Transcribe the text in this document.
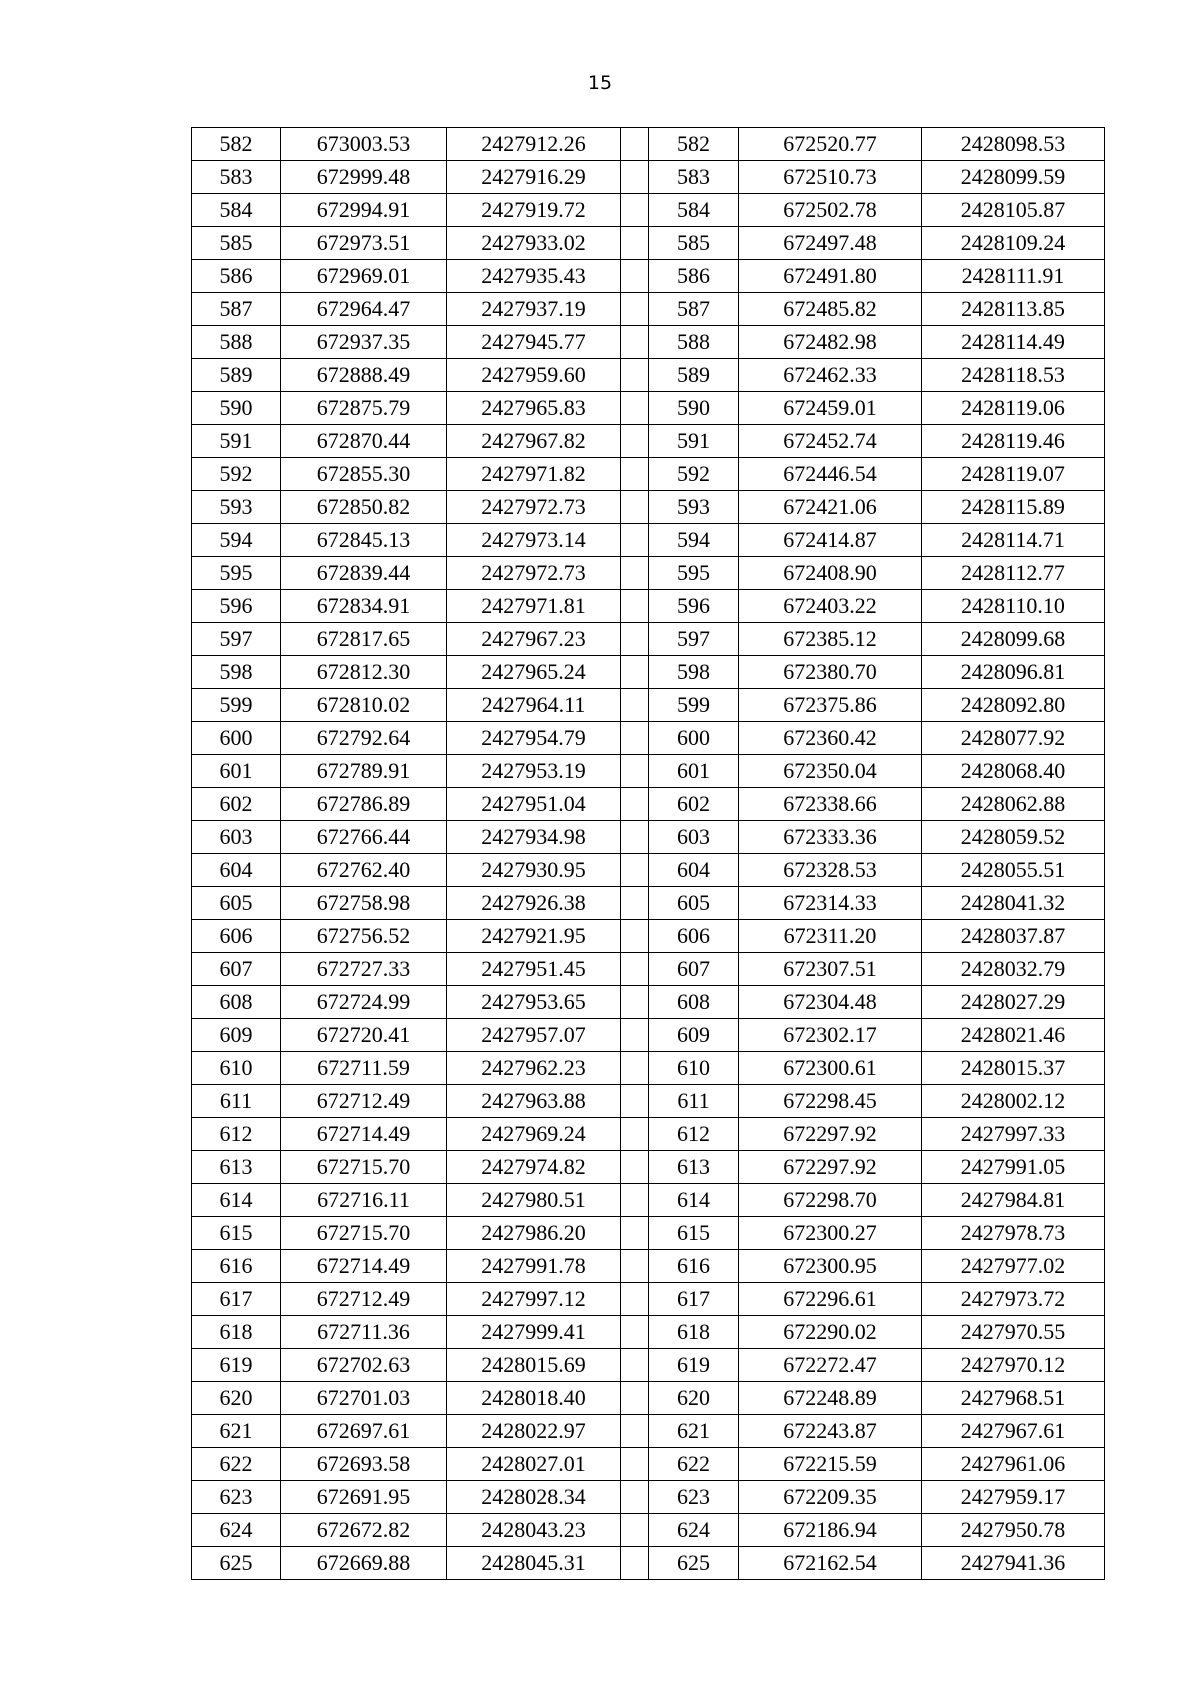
15
582	673003.53	2427912.26		582	672520.77	2428098.53
583	672999.48	2427916.29		583	672510.73	2428099.59
584	672994.91	2427919.72		584	672502.78	2428105.87
585	672973.51	2427933.02		585	672497.48	2428109.24
586	672969.01	2427935.43		586	672491.80	2428111.91
587	672964.47	2427937.19		587	672485.82	2428113.85
588	672937.35	2427945.77		588	672482.98	2428114.49
589	672888.49	2427959.60		589	672462.33	2428118.53
590	672875.79	2427965.83		590	672459.01	2428119.06
591	672870.44	2427967.82		591	672452.74	2428119.46
592	672855.30	2427971.82		592	672446.54	2428119.07
593	672850.82	2427972.73		593	672421.06	2428115.89
594	672845.13	2427973.14		594	672414.87	2428114.71
595	672839.44	2427972.73		595	672408.90	2428112.77
596	672834.91	2427971.81		596	672403.22	2428110.10
597	672817.65	2427967.23		597	672385.12	2428099.68
598	672812.30	2427965.24		598	672380.70	2428096.81
599	672810.02	2427964.11		599	672375.86	2428092.80
600	672792.64	2427954.79		600	672360.42	2428077.92
601	672789.91	2427953.19		601	672350.04	2428068.40
602	672786.89	2427951.04		602	672338.66	2428062.88
603	672766.44	2427934.98		603	672333.36	2428059.52
604	672762.40	2427930.95		604	672328.53	2428055.51
605	672758.98	2427926.38		605	672314.33	2428041.32
606	672756.52	2427921.95		606	672311.20	2428037.87
607	672727.33	2427951.45		607	672307.51	2428032.79
608	672724.99	2427953.65		608	672304.48	2428027.29
609	672720.41	2427957.07		609	672302.17	2428021.46
610	672711.59	2427962.23		610	672300.61	2428015.37
611	672712.49	2427963.88		611	672298.45	2428002.12
612	672714.49	2427969.24		612	672297.92	2427997.33
613	672715.70	2427974.82		613	672297.92	2427991.05
614	672716.11	2427980.51		614	672298.70	2427984.81
615	672715.70	2427986.20		615	672300.27	2427978.73
616	672714.49	2427991.78		616	672300.95	2427977.02
617	672712.49	2427997.12		617	672296.61	2427973.72
618	672711.36	2427999.41		618	672290.02	2427970.55
619	672702.63	2428015.69		619	672272.47	2427970.12
620	672701.03	2428018.40		620	672248.89	2427968.51
621	672697.61	2428022.97		621	672243.87	2427967.61
622	672693.58	2428027.01		622	672215.59	2427961.06
623	672691.95	2428028.34		623	672209.35	2427959.17
624	672672.82	2428043.23		624	672186.94	2427950.78
625	672669.88	2428045.31		625	672162.54	2427941.36
